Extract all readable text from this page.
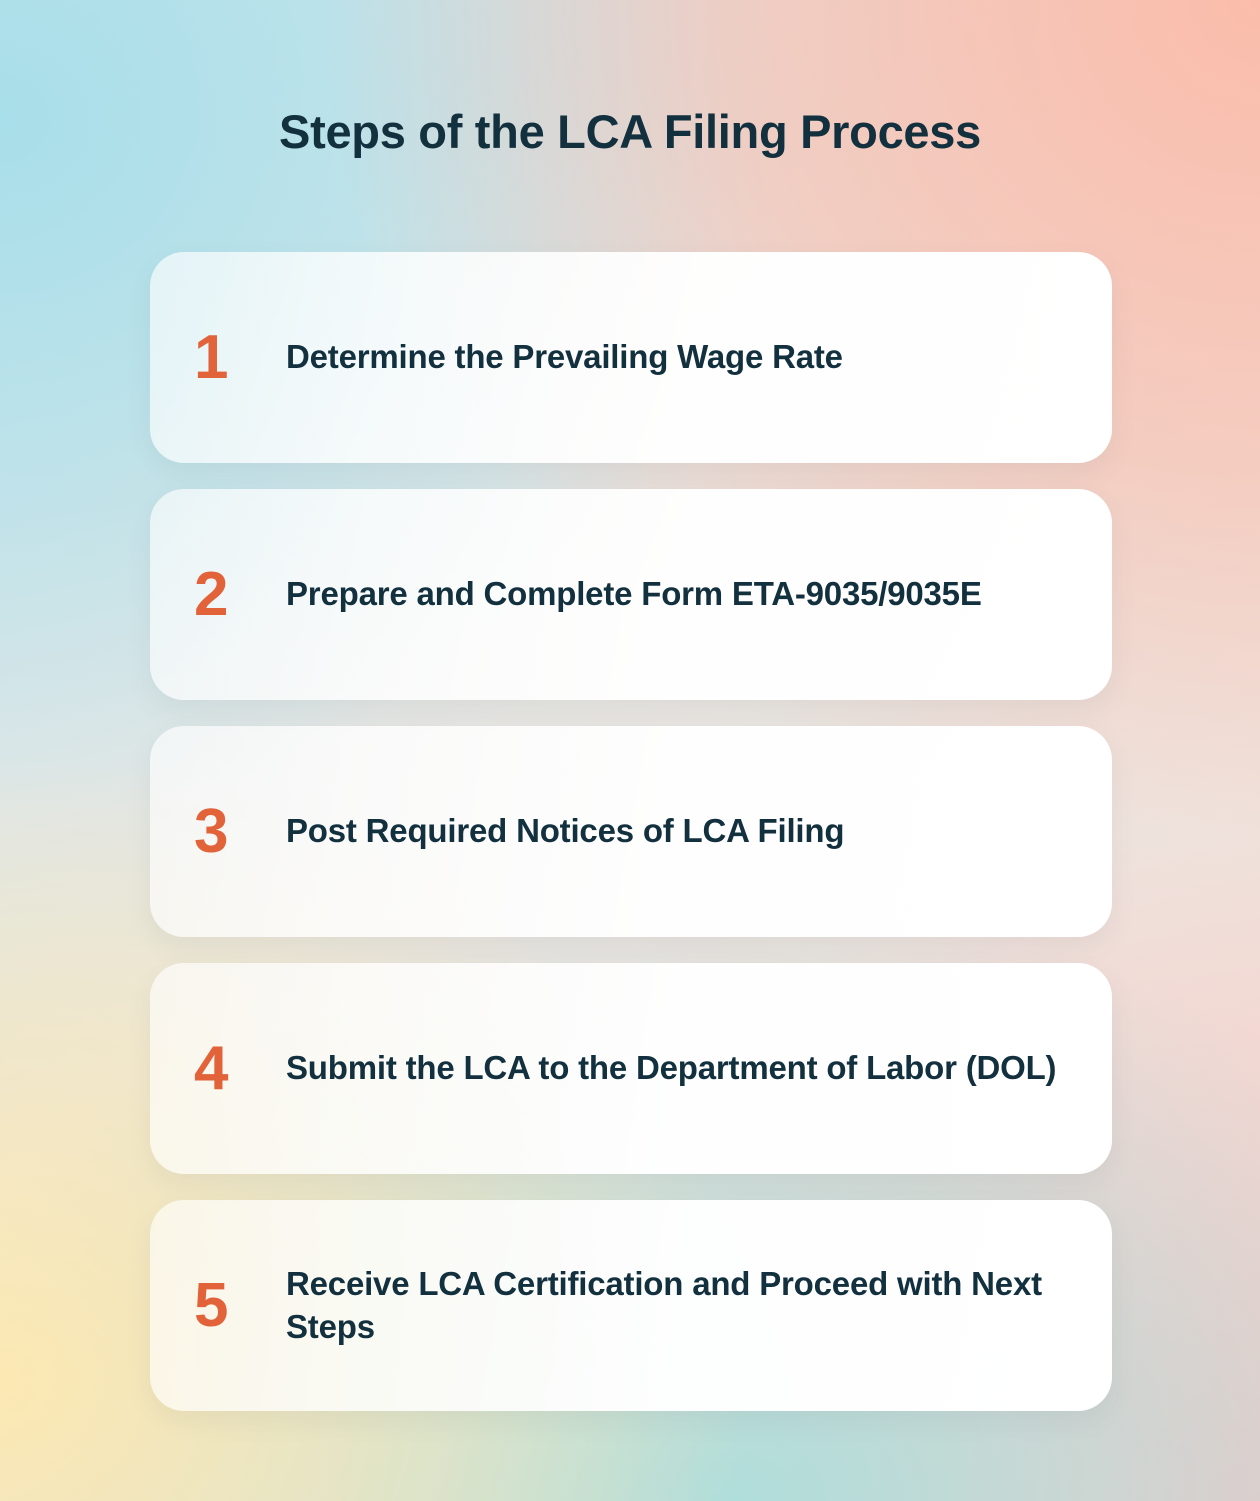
Steps of the LCA Filing Process
1	Determine the Prevailing Wage Rate
2	Prepare and Complete Form ETA-9035/9035E
3	Post Required Notices of LCA Filing
4	Submit the LCA to the Department of Labor (DOL)
5	Receive LCA Certification and Proceed with Next Steps
